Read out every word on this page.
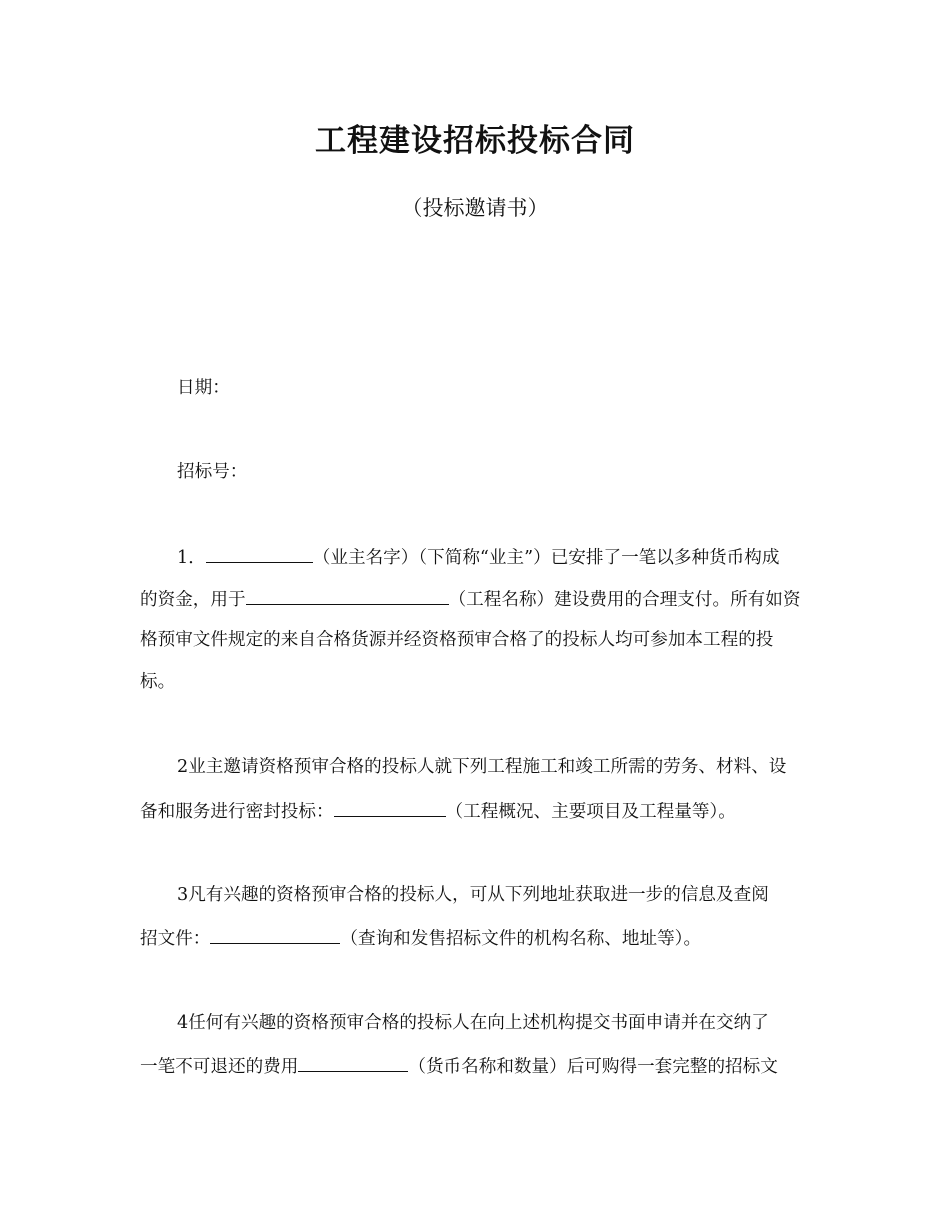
工程建设招标投标合同
（投标邀请书）
日期：
招标号：
1．	（业主名字）（下简称“业主”）已安排了一笔以多种货币构成
的资金，用于	（工程名称）建设费用的合理支付。所有如资
格预审文件规定的来自合格货源并经资格预审合格了的投标人均可参加本工程的投
标。
2业主邀请资格预审合格的投标人就下列工程施工和竣工所需的劳务、材料、设
备和服务进行密封投标：	（工程概况、主要项目及工程量等）。
3凡有兴趣的资格预审合格的投标人，可从下列地址获取进一步的信息及查阅
招文件：	（查询和发售招标文件的机构名称、地址等）。
4任何有兴趣的资格预审合格的投标人在向上述机构提交书面申请并在交纳了
一笔不可退还的费用	（货币名称和数量）后可购得一套完整的招标文
